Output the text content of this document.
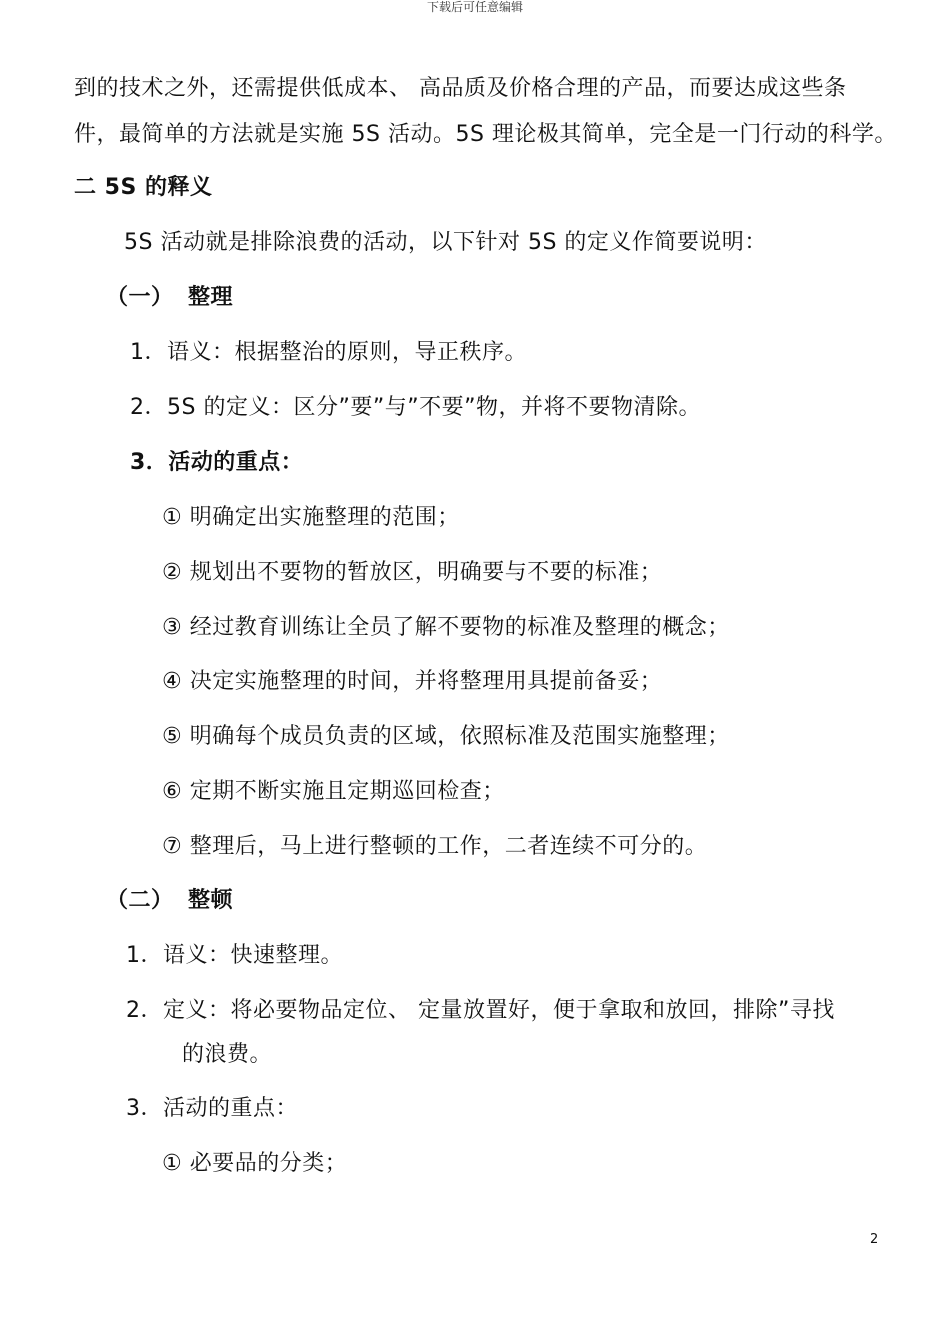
下载后可任意编辑
到的技术之外，还需提供低成本、 高品质及价格合理的产品，而要达成这些条
件，最简单的方法就是实施 5S 活动。5S 理论极其简单，完全是一门行动的科学。
二 5S 的释义
5S 活动就是排除浪费的活动，以下针对 5S 的定义作简要说明：
（一） 整理
1．语义：根据整治的原则，导正秩序。
2．5S 的定义：区分”要”与”不要”物，并将不要物清除。
3．活动的重点：
① 明确定出实施整理的范围；
② 规划出不要物的暂放区，明确要与不要的标准；
③ 经过教育训练让全员了解不要物的标准及整理的概念；
④ 决定实施整理的时间，并将整理用具提前备妥；
⑤ 明确每个成员负责的区域，依照标准及范围实施整理；
⑥ 定期不断实施且定期巡回检查；
⑦ 整理后，马上进行整顿的工作，二者连续不可分的。
（二） 整顿
1．语义：快速整理。
2．定义：将必要物品定位、 定量放置好，便于拿取和放回，排除”寻找
的浪费。
3．活动的重点：
① 必要品的分类；
2
